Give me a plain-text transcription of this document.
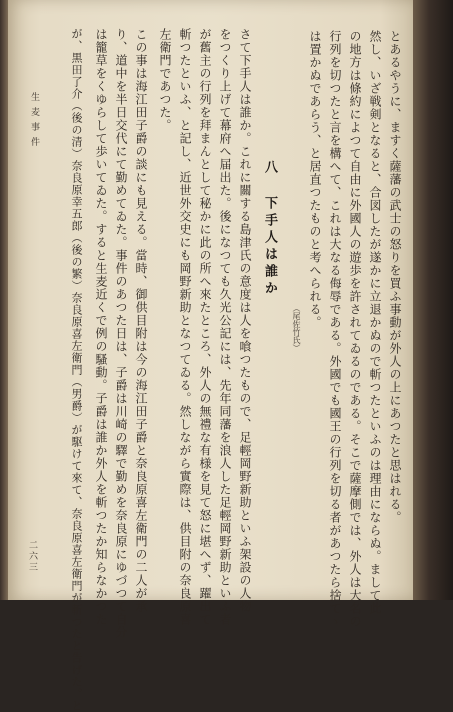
生麦事件
二六三
とあるやうに、ますく薩藩の武士の怒りを買ふ事動が外人の上にあつたと思はれる。
然し、いざ戦剣となると、合図したが遂かに立退かぬので斬つたといふのは理由にならぬ。まして此
の地方は條約によつて自由に外國人の遊歩を許されてゐるのである。そこで薩摩側では、外人は大名の
行列を切つたと言を構へて、これは大なる侮辱である。外國でも國王の行列を切る者があつたら捨てゝ
は置かぬであらう、と居直つたものと考へられる。
（尾佐竹氏）
八 下手人は誰か
さて下手人は誰か。これに關する島津氏の意度は人を喰つたもので、足輕岡野新助といふ架設の人物
をつくり上げて幕府へ届出た。後になつても久光公記には、先年同藩を浪人した足輕岡野新助といふ者
が舊主の行列を拜まんとして秘かに此の所へ來たところ、外人の無禮な有様を見て怒に堪へず、躍出て
斬つたといふ、と記し、近世外交史にも岡野新助となつてゐる。然しながら實際は、供目附の奈良原喜
左衛門であつた。
この事は海江田子爵の談にも見える。當時、御供目附は今の海江田子爵と奈良原喜左衛門の二人が承
り、道中を半日交代にて勤めてゐた。事件のあつた日は、子爵は川崎の驛で勤めを奈良原にゆづつて自分
は籠草をくゆらして歩いてゐた。すると生麦近くで例の騷動。子爵は誰か外人を斬つたか知らなかつた
が、黒田了介（後の清）奈良原幸五郎（後の繁）奈良原喜左衛門（男爵）が駆けて來て、奈良原喜左衛門が斬つたと告げた。と
